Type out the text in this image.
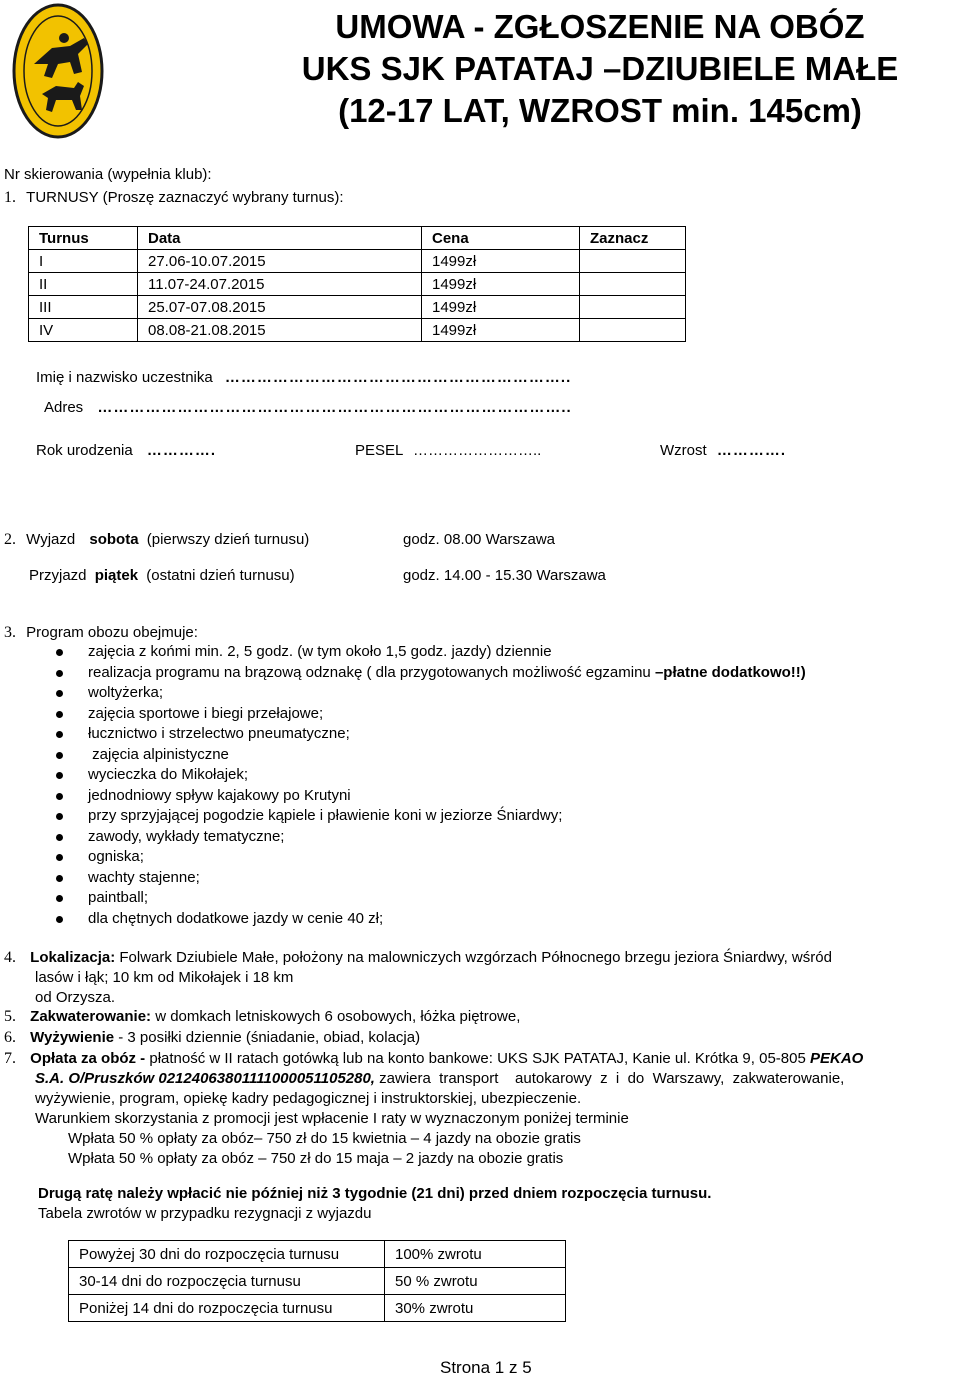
UMOWA - ZGŁOSZENIE NA OBÓZ
UKS SJK PATATAJ –DZIUBIELE MAŁE
(12-17 LAT, WZROST min. 145cm)
Nr skierowania (wypełnia klub):
1. TURNUSY (Proszę zaznaczyć wybrany turnus):
Turnus	Data	Cena	Zaznacz
I	27.06-10.07.2015	1499zł	
II	11.07-24.07.2015	1499zł	
III	25.07-07.08.2015	1499zł	
IV	08.08-21.08.2015	1499zł	
Imię i nazwisko uczestnika ………………………………………………………..
Adres ……………………………………………………………………………..
Rok urodzenia ………….	PESEL ……………………..	Wzrost ………….
2. Wyjazd sobota (pierwszy dzień turnusu)	godz. 08.00 Warszawa
Przyjazd piątek (ostatni dzień turnusu)	godz. 14.00 - 15.30 Warszawa
3. Program obozu obejmuje:
zajęcia z końmi min. 2, 5 godz. (w tym około 1,5 godz. jazdy) dziennie
realizacja programu na brązową odznakę ( dla przygotowanych możliwość egzaminu –płatne dodatkowo!!)
woltyżerka;
zajęcia sportowe i biegi przełajowe;
łucznictwo i strzelectwo pneumatyczne;
zajęcia alpinistyczne
wycieczka do Mikołajek;
jednodniowy spływ kajakowy po Krutyni
przy sprzyjającej pogodzie kąpiele i pławienie koni w jeziorze Śniardwy;
zawody, wykłady tematyczne;
ogniska;
wachty stajenne;
paintball;
dla chętnych dodatkowe jazdy w cenie 40 zł;
4. Lokalizacja: Folwark Dziubiele Małe, położony na malowniczych wzgórzach Północnego brzegu jeziora Śniardwy, wśród
lasów i łąk; 10 km od Mikołajek i 18 km
od Orzysza.
5. Zakwaterowanie: w domkach letniskowych 6 osobowych, łóżka piętrowe,
6. Wyżywienie - 3 posiłki dziennie (śniadanie, obiad, kolacja)
7. Opłata za obóz - płatność w II ratach gotówką lub na konto bankowe: UKS SJK PATATAJ, Kanie ul. Krótka 9, 05-805 PEKAO
S.A. O/Pruszków 02124063801111000051105280, zawiera  transport    autokarowy  z  i  do  Warszawy,  zakwaterowanie,
wyżywienie, program, opiekę kadry pedagogicznej i instruktorskiej, ubezpieczenie.
Warunkiem skorzystania z promocji jest wpłacenie I raty w wyznaczonym poniżej terminie
Wpłata 50 % opłaty za obóz– 750 zł do 15 kwietnia – 4 jazdy na obozie gratis
Wpłata 50 % opłaty za obóz – 750 zł do 15 maja – 2 jazdy na obozie gratis
Drugą ratę należy wpłacić nie później niż 3 tygodnie (21 dni) przed dniem rozpoczęcia turnusu.
Tabela zwrotów w przypadku rezygnacji z wyjazdu
Powyżej 30 dni do rozpoczęcia turnusu	100% zwrotu
30-14 dni do rozpoczęcia turnusu	50 % zwrotu
Poniżej 14 dni do rozpoczęcia turnusu	30% zwrotu
Strona 1 z 5
